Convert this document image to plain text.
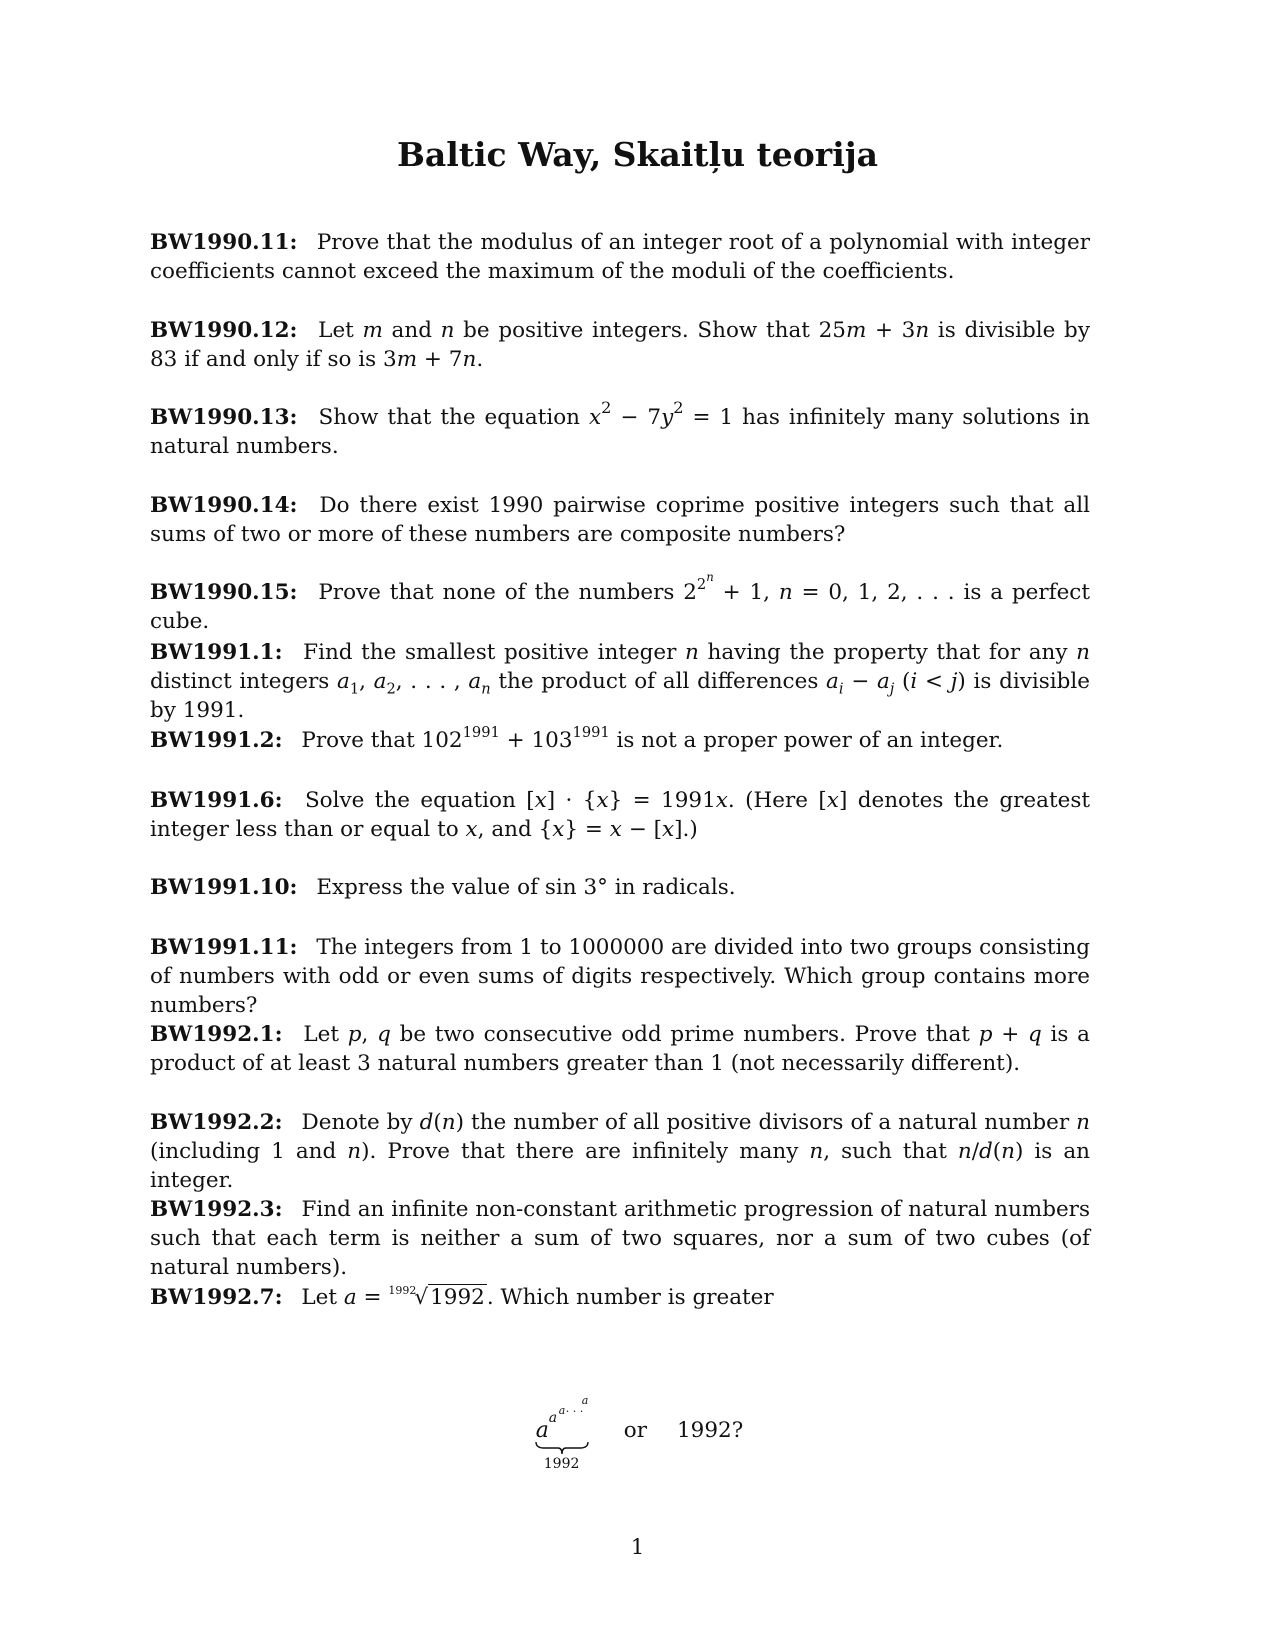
Baltic Way, Skaitļu teorija

BW1990.11: Prove that the modulus of an integer root of a polynomial with integer coefficients cannot exceed the maximum of the moduli of the coefficients.

BW1990.12: Let m and n be positive integers. Show that 25m + 3n is divisible by 83 if and only if so is 3m + 7n.

BW1990.13: Show that the equation $x^2 - 7y^2 = 1$ has infinitely many solutions in natural numbers.

BW1990.14: Do there exist 1990 pairwise coprime positive integers such that all sums of two or more of these numbers are composite numbers?

BW1990.15: Prove that none of the numbers $2^{2^n} + 1$, n = 0, 1, 2, . . . is a perfect cube.

BW1991.1: Find the smallest positive integer n having the property that for any n distinct integers $a_1$, $a_2$, . . . , $a_n$ the product of all differences $a_i - a_j$ (i < j) is divisible by 1991.

BW1991.2: Prove that $102^{1991} + 103^{1991}$ is not a proper power of an integer.

BW1991.6: Solve the equation [x] · {x} = 1991x. (Here [x] denotes the greatest integer less than or equal to x, and {x} = x − [x].)

BW1991.10: Express the value of sin 3° in radicals.

BW1991.11: The integers from 1 to 1000000 are divided into two groups consisting of numbers with odd or even sums of digits respectively. Which group contains more numbers?

BW1992.1: Let p, q be two consecutive odd prime numbers. Prove that p + q is a product of at least 3 natural numbers greater than 1 (not necessarily different).

BW1992.2: Denote by d(n) the number of all positive divisors of a natural number n (including 1 and n). Prove that there are infinitely many n, such that n/d(n) is an integer.

BW1992.3: Find an infinite non-constant arithmetic progression of natural numbers such that each term is neither a sum of two squares, nor a sum of two cubes (of natural numbers).

BW1992.7: Let a = $^{1992}$√1992. Which number is greater

a a a . . .
a
1992
or 1992?
1
